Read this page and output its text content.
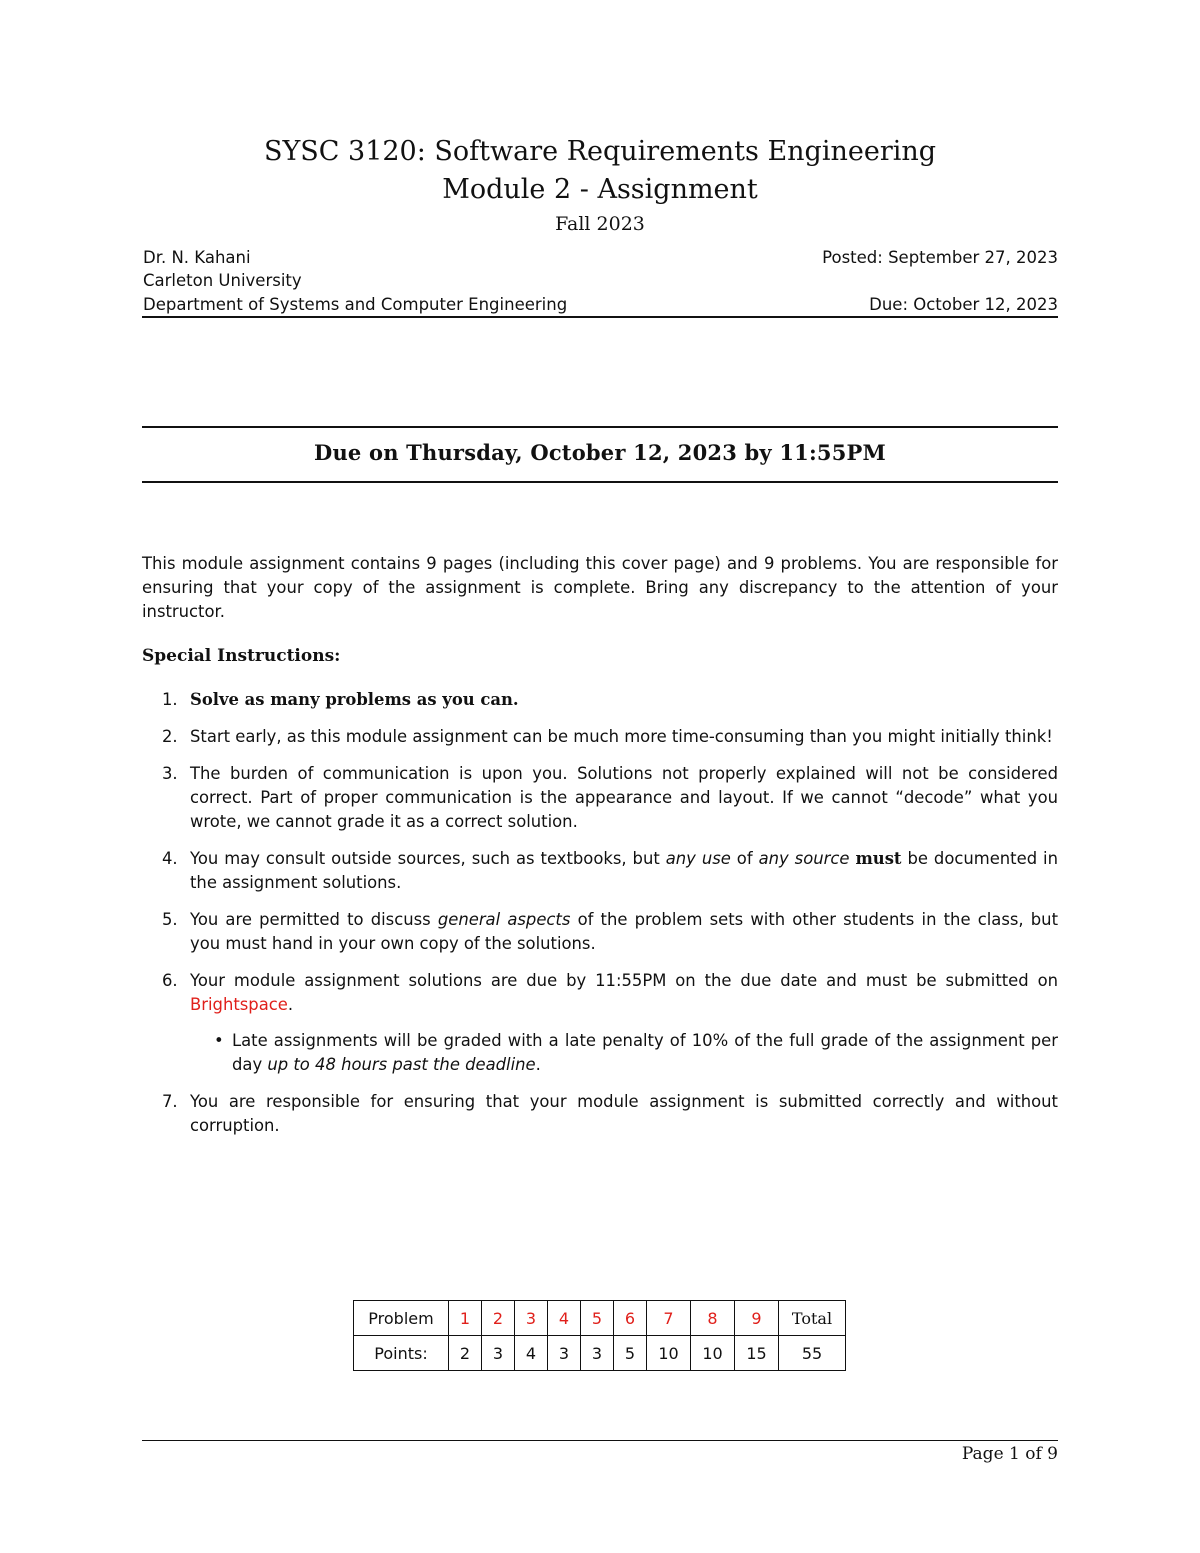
SYSC 3120: Software Requirements Engineering
Module 2 - Assignment
Fall 2023
Dr. N. Kahani
Carleton University
Department of Systems and Computer Engineering
Posted: September 27, 2023
Due: October 12, 2023
Due on Thursday, October 12, 2023 by 11:55PM
This module assignment contains 9 pages (including this cover page) and 9 problems. You are responsible for ensuring that your copy of the assignment is complete. Bring any discrepancy to the attention of your instructor.
Special Instructions:
1. Solve as many problems as you can.
2. Start early, as this module assignment can be much more time-consuming than you might initially think!
3. The burden of communication is upon you. Solutions not properly explained will not be considered correct. Part of proper communication is the appearance and layout. If we cannot “decode” what you wrote, we cannot grade it as a correct solution.
4. You may consult outside sources, such as textbooks, but any use of any source must be documented in the assignment solutions.
5. You are permitted to discuss general aspects of the problem sets with other students in the class, but you must hand in your own copy of the solutions.
6. Your module assignment solutions are due by 11:55PM on the due date and must be submitted on Brightspace.
• Late assignments will be graded with a late penalty of 10% of the full grade of the assignment per day up to 48 hours past the deadline.
7. You are responsible for ensuring that your module assignment is submitted correctly and without corruption.
Problem	1	2	3	4	5	6	7	8	9	Total
Points:	2	3	4	3	3	5	10	10	15	55
Page 1 of 9
